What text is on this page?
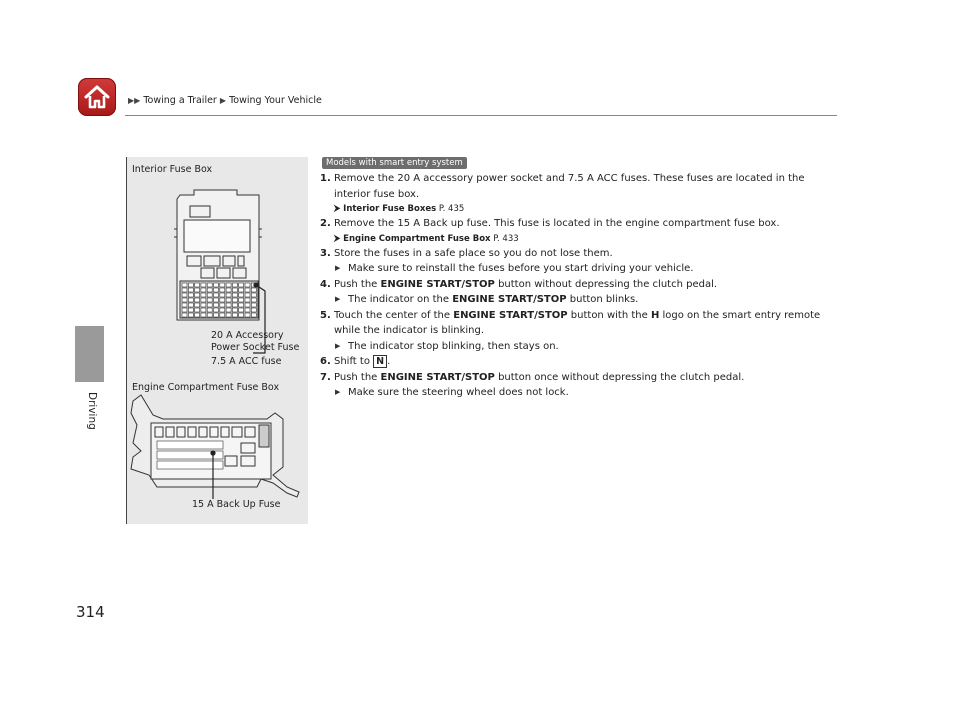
▶▶ Towing a Trailer ▶ Towing Your Vehicle
Driving
314
Interior Fuse Box
20 A Accessory
Power Socket Fuse
7.5 A ACC fuse
Engine Compartment Fuse Box
15 A Back Up Fuse
Models with smart entry system
1. Remove the 20 A accessory power socket and 7.5 A ACC fuses. These fuses are located in the interior fuse box.
⮞ Interior Fuse Boxes P. 435
2. Remove the 15 A Back up fuse. This fuse is located in the engine compartment fuse box.
⮞ Engine Compartment Fuse Box P. 433
3. Store the fuses in a safe place so you do not lose them.
▶ Make sure to reinstall the fuses before you start driving your vehicle.
4. Push the ENGINE START/STOP button without depressing the clutch pedal.
▶ The indicator on the ENGINE START/STOP button blinks.
5. Touch the center of the ENGINE START/STOP button with the H logo on the smart entry remote while the indicator is blinking.
▶ The indicator stop blinking, then stays on.
6. Shift to N .
7. Push the ENGINE START/STOP button once without depressing the clutch pedal.
▶ Make sure the steering wheel does not lock.
